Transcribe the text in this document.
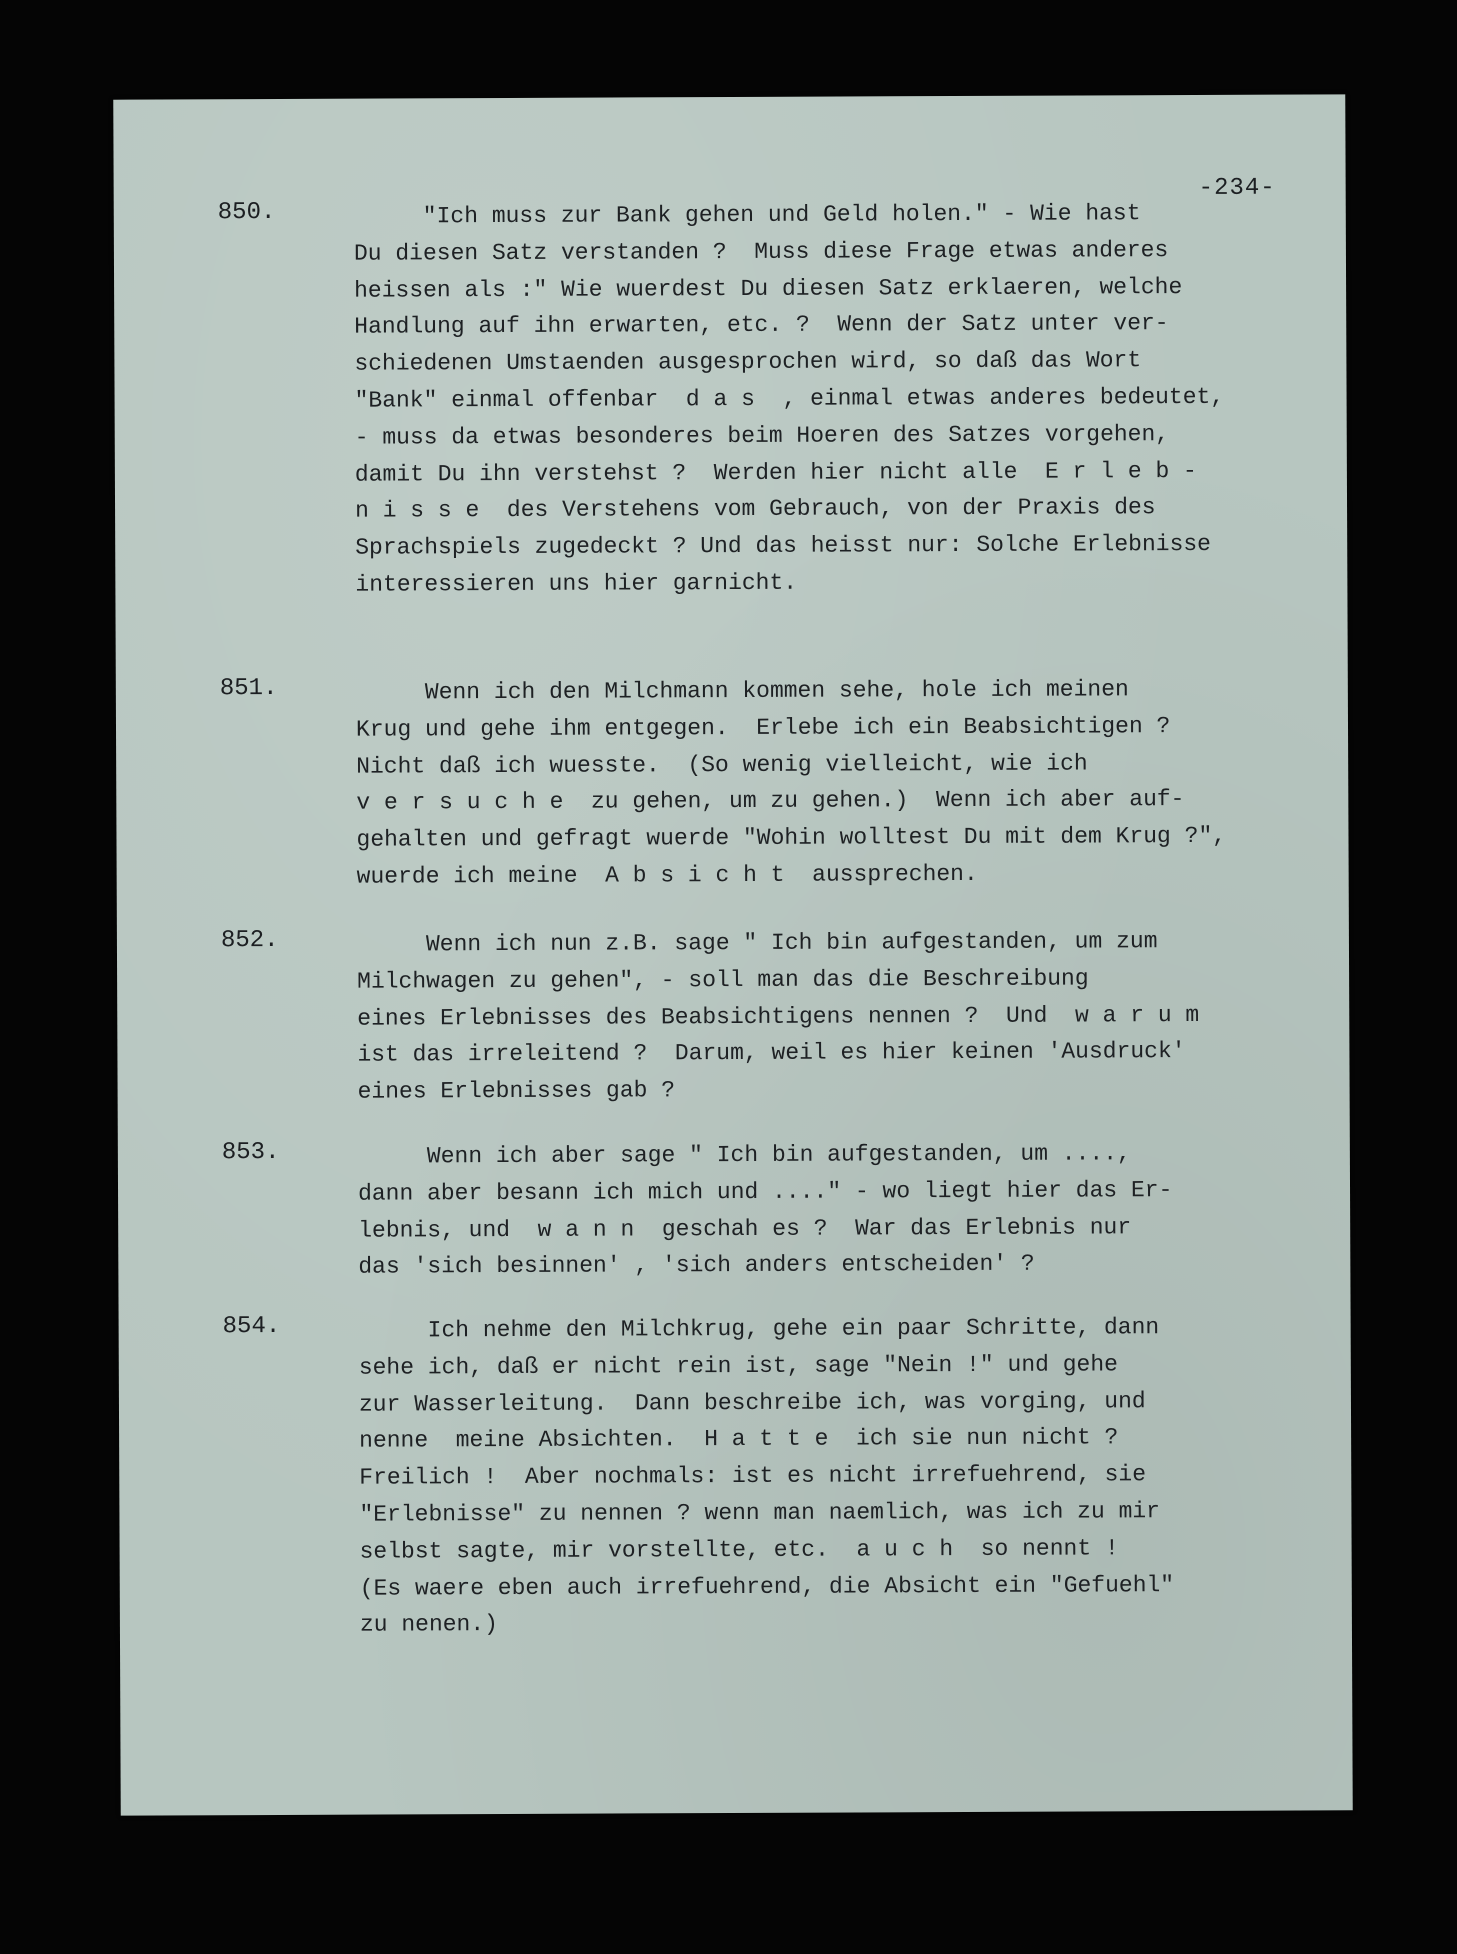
-234-
850.	"Ich muss zur Bank gehen und Geld holen." - Wie hast
Du diesen Satz verstanden ?  Muss diese Frage etwas anderes
heissen als :" Wie wuerdest Du diesen Satz erklaeren, welche
Handlung auf ihn erwarten, etc. ?  Wenn der Satz unter ver-
schiedenen Umstaenden ausgesprochen wird, so daß das Wort
"Bank" einmal offenbar  d a s  , einmal etwas anderes bedeutet,
- muss da etwas besonderes beim Hoeren des Satzes vorgehen,
damit Du ihn verstehst ?  Werden hier nicht alle  E r l e b -
n i s s e  des Verstehens vom Gebrauch, von der Praxis des
Sprachspiels zugedeckt ? Und das heisst nur: Solche Erlebnisse
interessieren uns hier garnicht.
851.	Wenn ich den Milchmann kommen sehe, hole ich meinen
Krug und gehe ihm entgegen.  Erlebe ich ein Beabsichtigen ?
Nicht daß ich wuesste.  (So wenig vielleicht, wie ich
v e r s u c h e  zu gehen, um zu gehen.)  Wenn ich aber auf-
gehalten und gefragt wuerde "Wohin wolltest Du mit dem Krug ?",
wuerde ich meine  A b s i c h t  aussprechen.
852.	Wenn ich nun z.B. sage " Ich bin aufgestanden, um zum
Milchwagen zu gehen", - soll man das die Beschreibung
eines Erlebnisses des Beabsichtigens nennen ?  Und  w a r u m
ist das irreleitend ?  Darum, weil es hier keinen 'Ausdruck'
eines Erlebnisses gab ?
853.	Wenn ich aber sage " Ich bin aufgestanden, um ....,
dann aber besann ich mich und ...." - wo liegt hier das Er-
lebnis, und  w a n n  geschah es ?  War das Erlebnis nur
das 'sich besinnen' , 'sich anders entscheiden' ?
854.	Ich nehme den Milchkrug, gehe ein paar Schritte, dann
sehe ich, daß er nicht rein ist, sage "Nein !" und gehe
zur Wasserleitung.  Dann beschreibe ich, was vorging, und
nenne  meine Absichten.  H a t t e  ich sie nun nicht ?
Freilich !  Aber nochmals: ist es nicht irrefuehrend, sie
"Erlebnisse" zu nennen ? wenn man naemlich, was ich zu mir
selbst sagte, mir vorstellte, etc.  a u c h  so nennt !
(Es waere eben auch irrefuehrend, die Absicht ein "Gefuehl"
zu nenen.)
